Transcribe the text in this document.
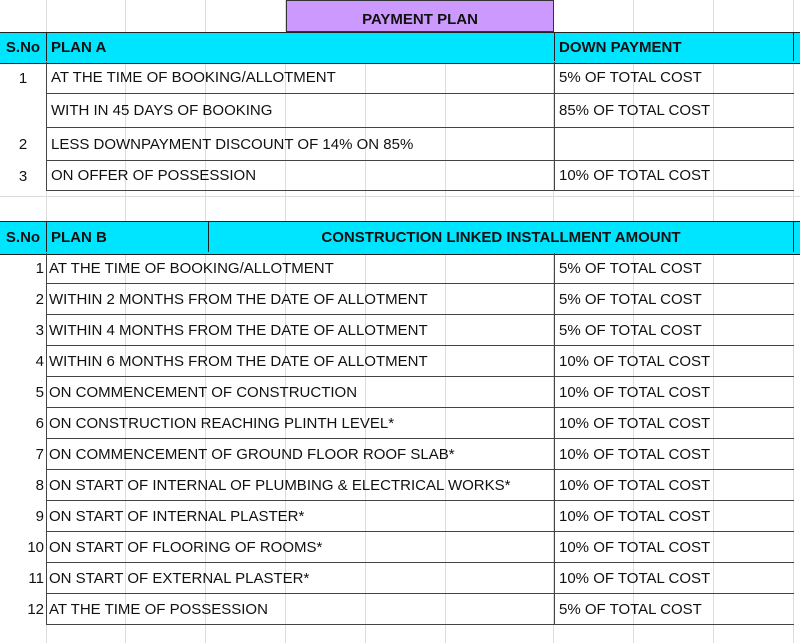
PAYMENT PLAN
S.No PLAN A	DOWN PAYMENT
1	AT THE TIME OF BOOKING/ALLOTMENT	5% OF TOTAL COST
WITH IN 45 DAYS OF BOOKING	85% OF TOTAL COST
2	LESS DOWNPAYMENT DISCOUNT OF 14% ON 85%
3	ON OFFER OF POSSESSION	10% OF TOTAL COST
S.No PLAN B	CONSTRUCTION LINKED INSTALLMENT AMOUNT
1 AT THE TIME OF BOOKING/ALLOTMENT	5% OF TOTAL COST
2 WITHIN 2 MONTHS FROM THE DATE OF ALLOTMENT	5% OF TOTAL COST
3 WITHIN 4 MONTHS FROM THE DATE OF ALLOTMENT	5% OF TOTAL COST
4 WITHIN 6 MONTHS FROM THE DATE OF ALLOTMENT	10% OF TOTAL COST
5 ON COMMENCEMENT OF CONSTRUCTION	10% OF TOTAL COST
6 ON CONSTRUCTION REACHING PLINTH LEVEL*	10% OF TOTAL COST
7 ON COMMENCEMENT OF GROUND FLOOR ROOF SLAB*	10% OF TOTAL COST
8 ON START OF INTERNAL OF PLUMBING & ELECTRICAL WORKS*	10% OF TOTAL COST
9 ON START OF INTERNAL PLASTER*	10% OF TOTAL COST
10 ON START OF FLOORING OF ROOMS*	10% OF TOTAL COST
11 ON START OF EXTERNAL PLASTER*	10% OF TOTAL COST
12 AT THE TIME OF POSSESSION	5% OF TOTAL COST
